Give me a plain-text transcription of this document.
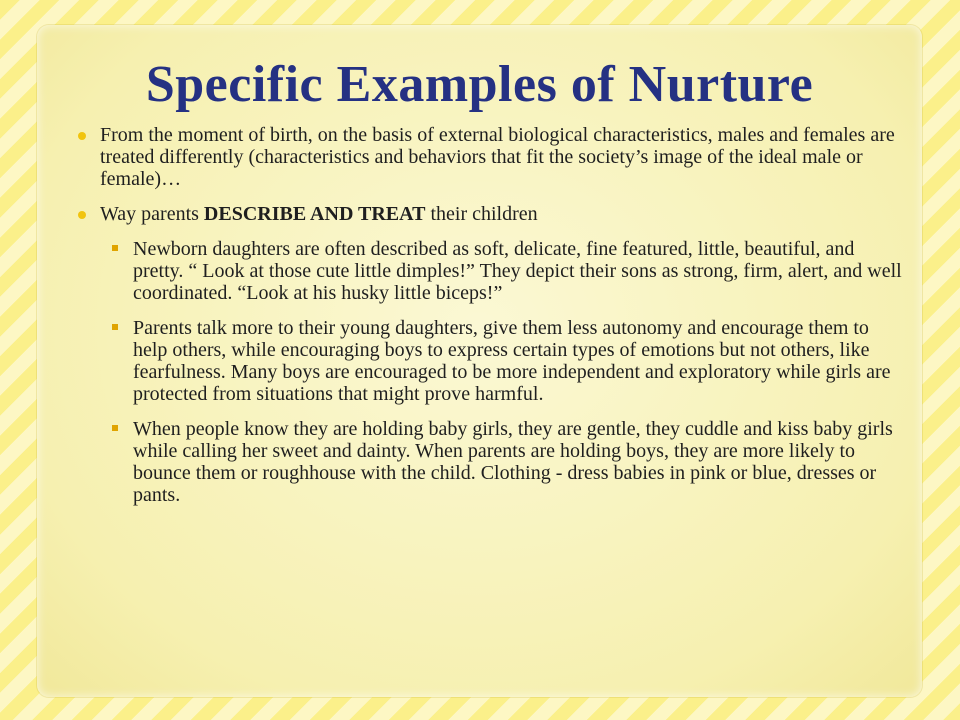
Specific Examples of Nurture
From the moment of birth, on the basis of external biological characteristics, males and females are treated differently (characteristics and behaviors that fit the society’s image of the ideal male or female)…
Way parents DESCRIBE AND TREAT their children
Newborn daughters are often described as soft, delicate, fine featured, little, beautiful, and pretty. “ Look at those cute little dimples!” They depict their sons as strong, firm, alert, and well coordinated. “Look at his husky little biceps!”
Parents talk more to their young daughters, give them less autonomy and encourage them to help others, while encouraging boys to express certain types of emotions but not others, like fearfulness. Many boys are encouraged to be more independent and exploratory while girls are protected from situations that might prove harmful.
When people know they are holding baby girls, they are gentle, they cuddle and kiss baby girls while calling her sweet and dainty. When parents are holding boys, they are more likely to bounce them or roughhouse with the child. Clothing - dress babies in pink or blue, dresses or pants.
